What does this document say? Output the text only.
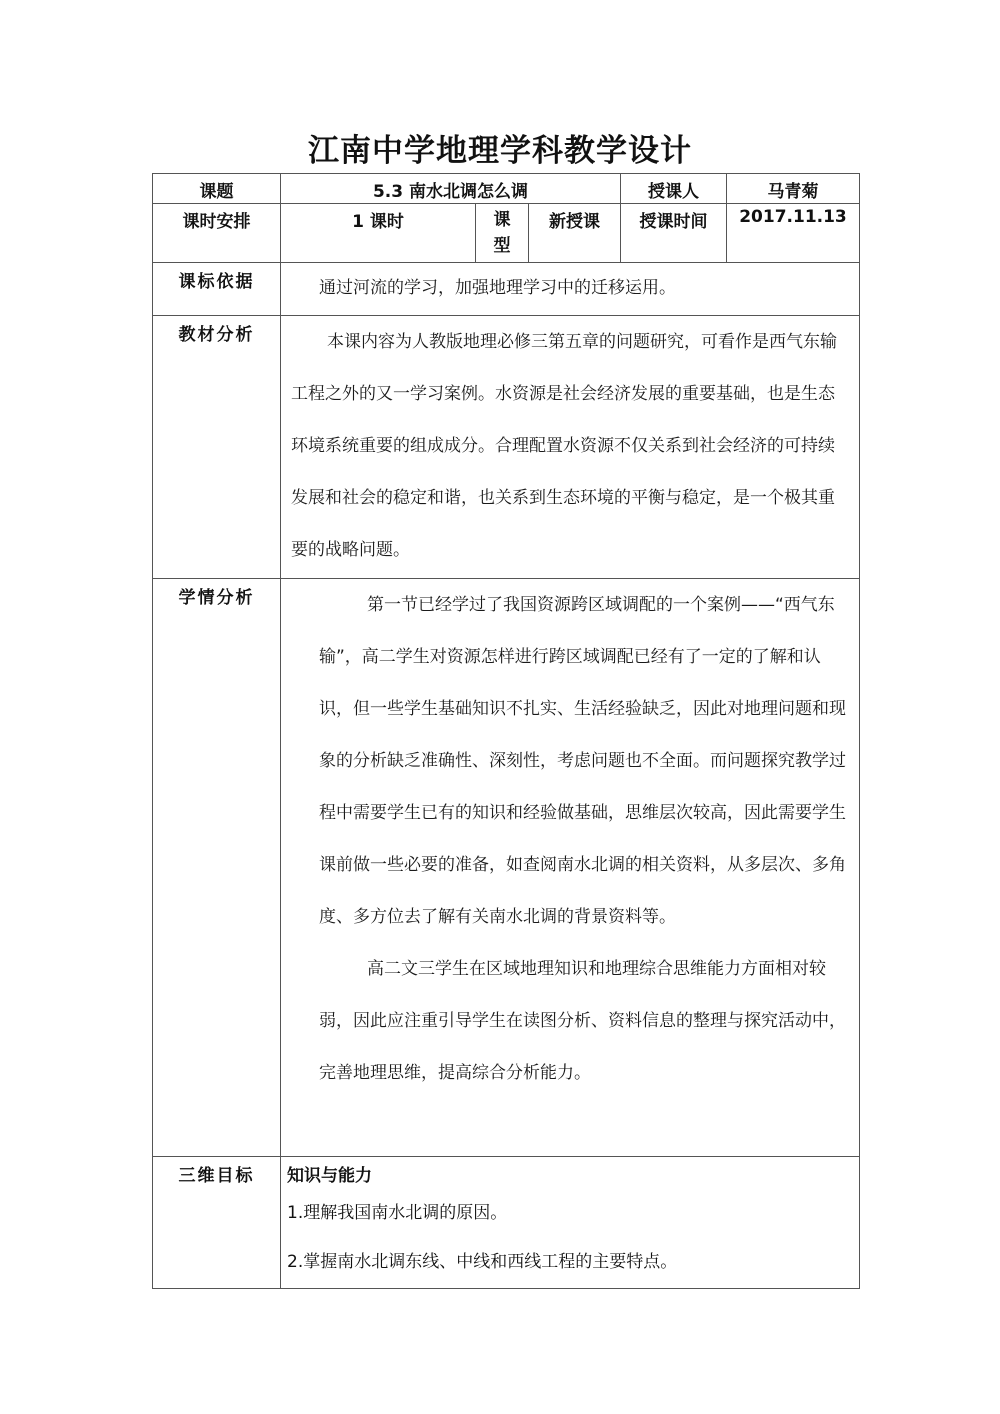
江南中学地理学科教学设计
课题	5.3 南水北调怎么调			授课人	马青菊
课时安排	1 课时	课型	新授课	授课时间	2017.11.13
课标依据	通过河流的学习，加强地理学习中的迁移运用。				
教材分析	本课内容为人教版地理必修三第五章的问题研究，可看作是西气东输工程之外的又一学习案例。水资源是社会经济发展的重要基础，也是生态环境系统重要的组成成分。合理配置水资源不仅关系到社会经济的可持续发展和社会的稳定和谐，也关系到生态环境的平衡与稳定，是一个极其重要的战略问题。				

学情分析	第一节已经学过了我国资源跨区域调配的一个案例——“西气东输”，高二学生对资源怎样进行跨区域调配已经有了一定的了解和认识，但一些学生基础知识不扎实、生活经验缺乏，因此对地理问题和现象的分析缺乏准确性、深刻性，考虑问题也不全面。而问题探究教学过程中需要学生已有的知识和经验做基础，思维层次较高，因此需要学生课前做一些必要的准备，如查阅南水北调的相关资料，从多层次、多角度、多方位去了解有关南水北调的背景资料等。

高二文三学生在区域地理知识和地理综合思维能力方面相对较弱，因此应注重引导学生在读图分析、资料信息的整理与探究活动中，完善地理思维，提高综合分析能力。				

三维目标	知识与能力
1.理解我国南水北调的原因。
2.掌握南水北调东线、中线和西线工程的主要特点。				
